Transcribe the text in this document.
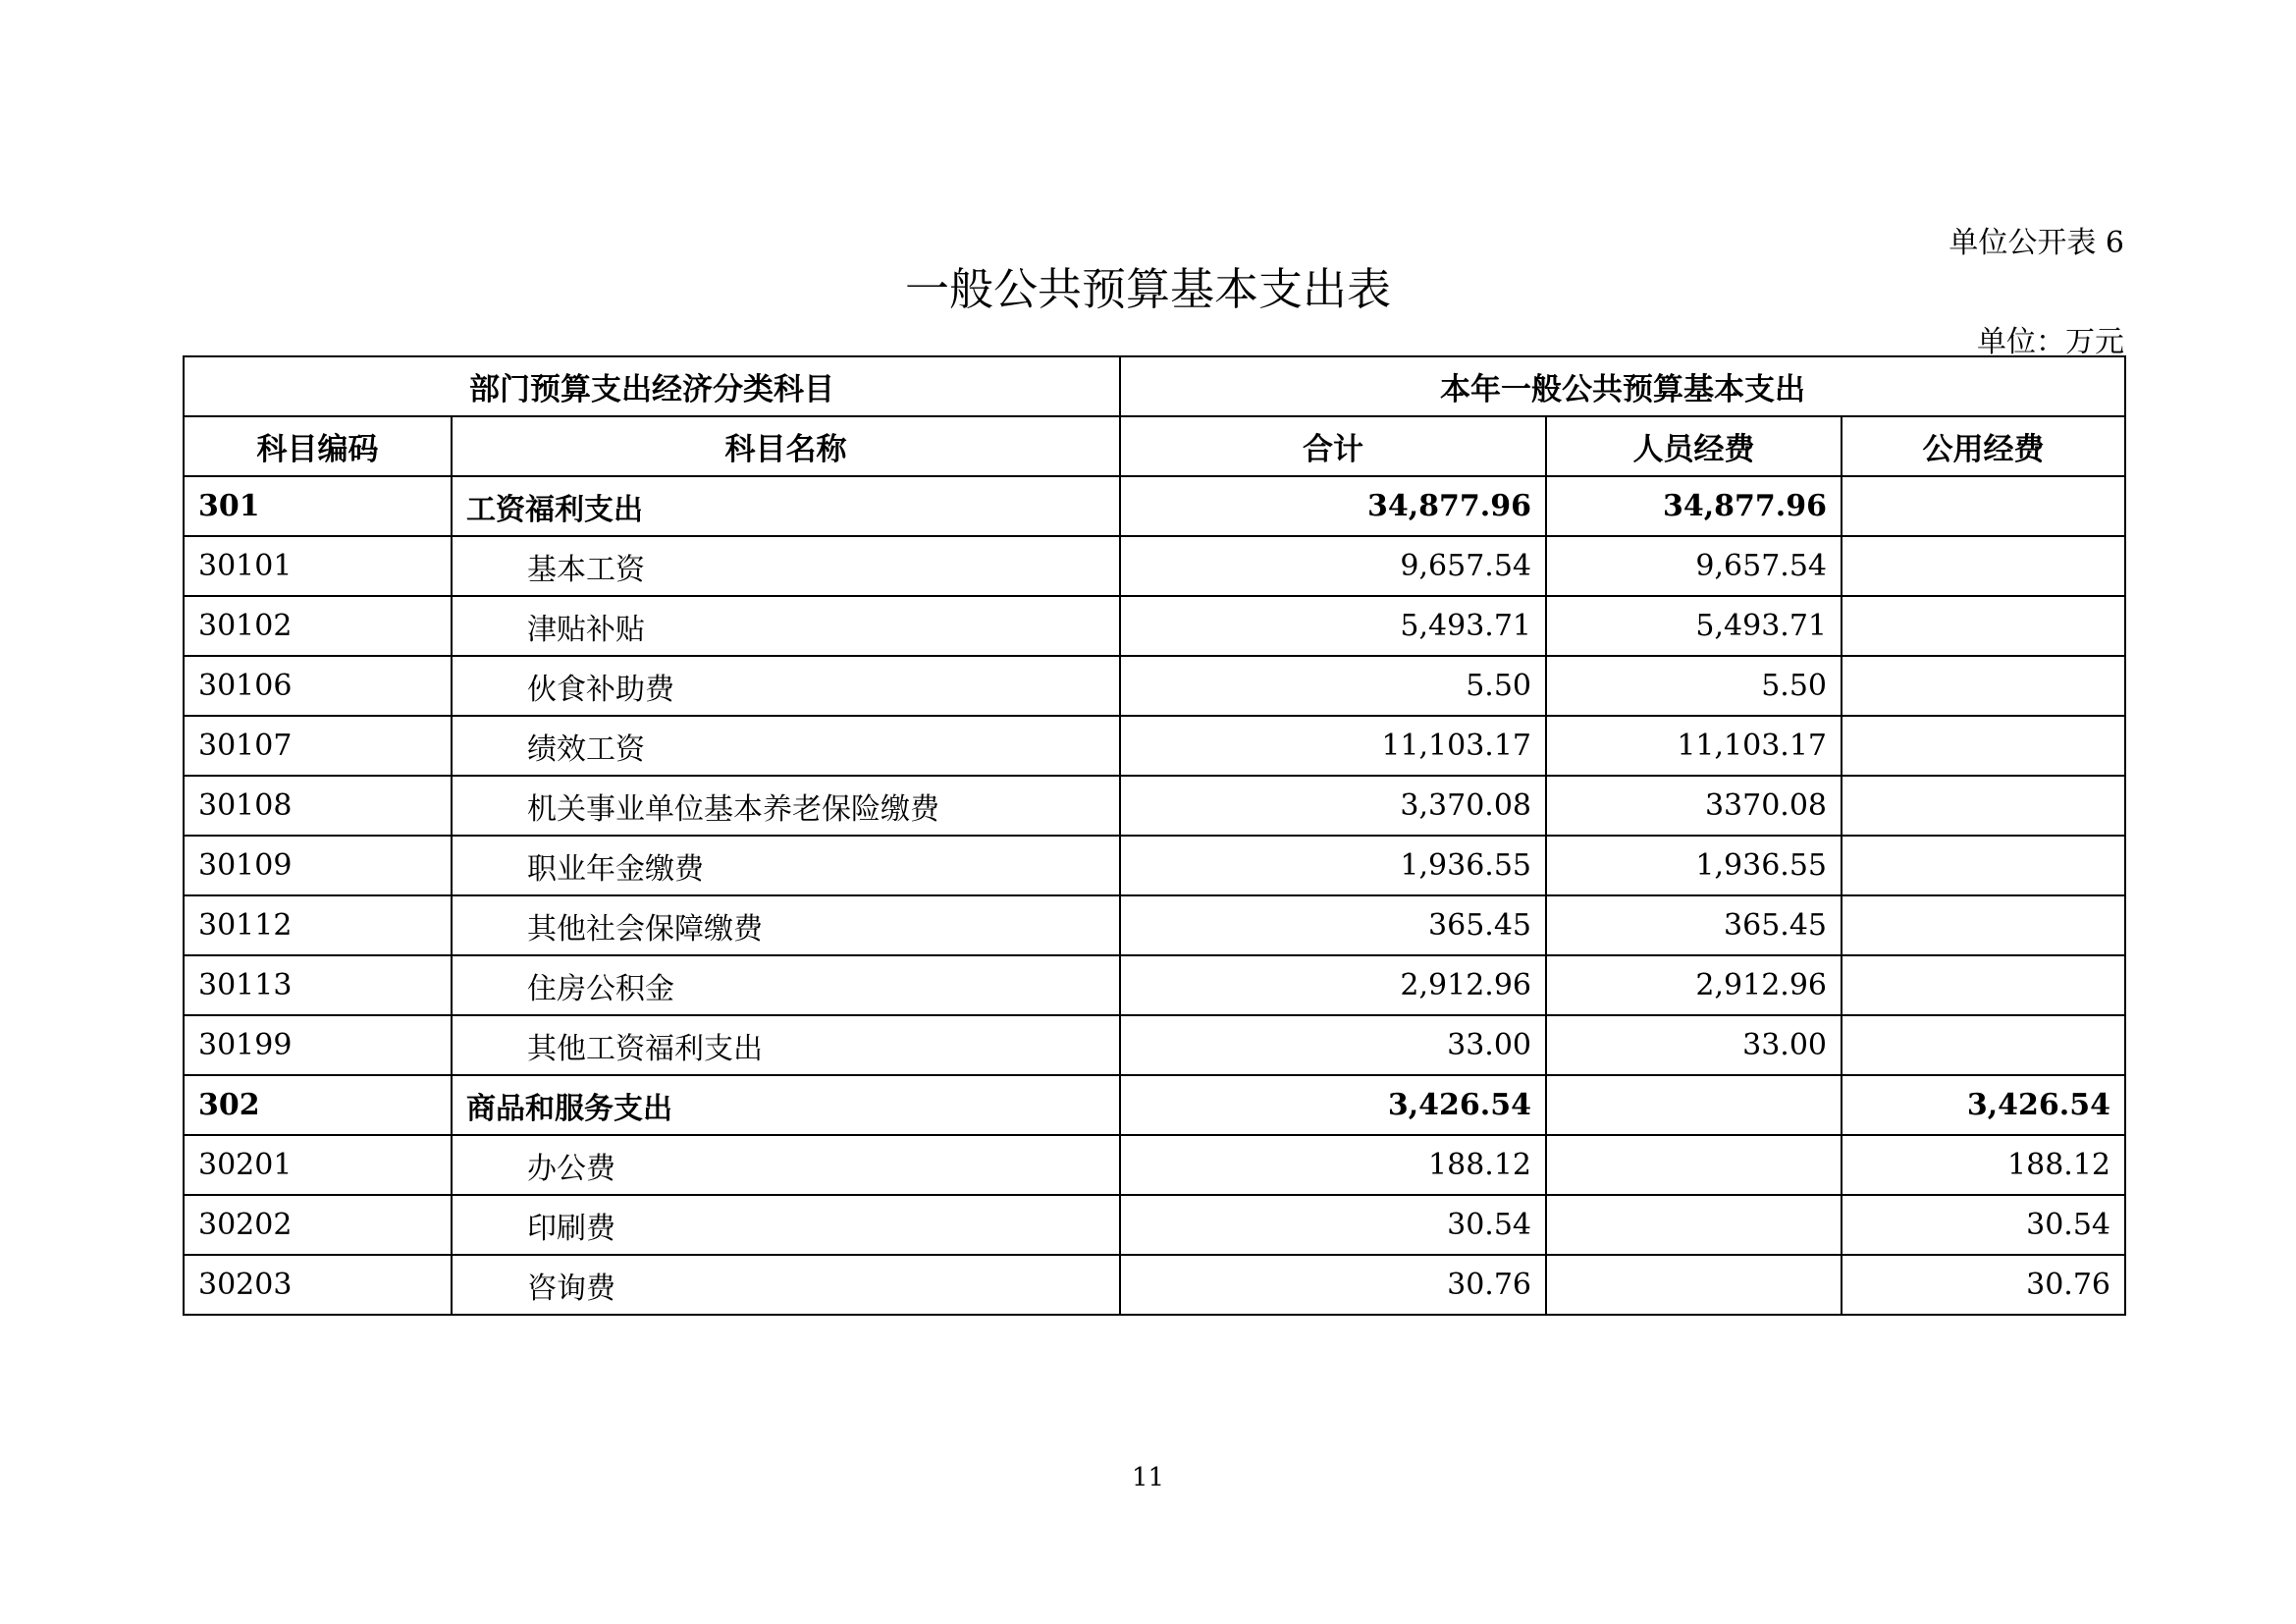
单位公开表 6
一般公共预算基本支出表
单位：万元
部门预算支出经济分类科目		本年一般公共预算基本支出		
科目编码	科目名称	合计	人员经费	公用经费
301	工资福利支出	34,877.96	34,877.96	
30101	基本工资	9,657.54	9,657.54	
30102	津贴补贴	5,493.71	5,493.71	
30106	伙食补助费	5.50	5.50	
30107	绩效工资	11,103.17	11,103.17	
30108	机关事业单位基本养老保险缴费	3,370.08	3370.08	
30109	职业年金缴费	1,936.55	1,936.55	
30112	其他社会保障缴费	365.45	365.45	
30113	住房公积金	2,912.96	2,912.96	
30199	其他工资福利支出	33.00	33.00	
302	商品和服务支出	3,426.54		3,426.54
30201	办公费	188.12		188.12
30202	印刷费	30.54		30.54
30203	咨询费	30.76		30.76
11
